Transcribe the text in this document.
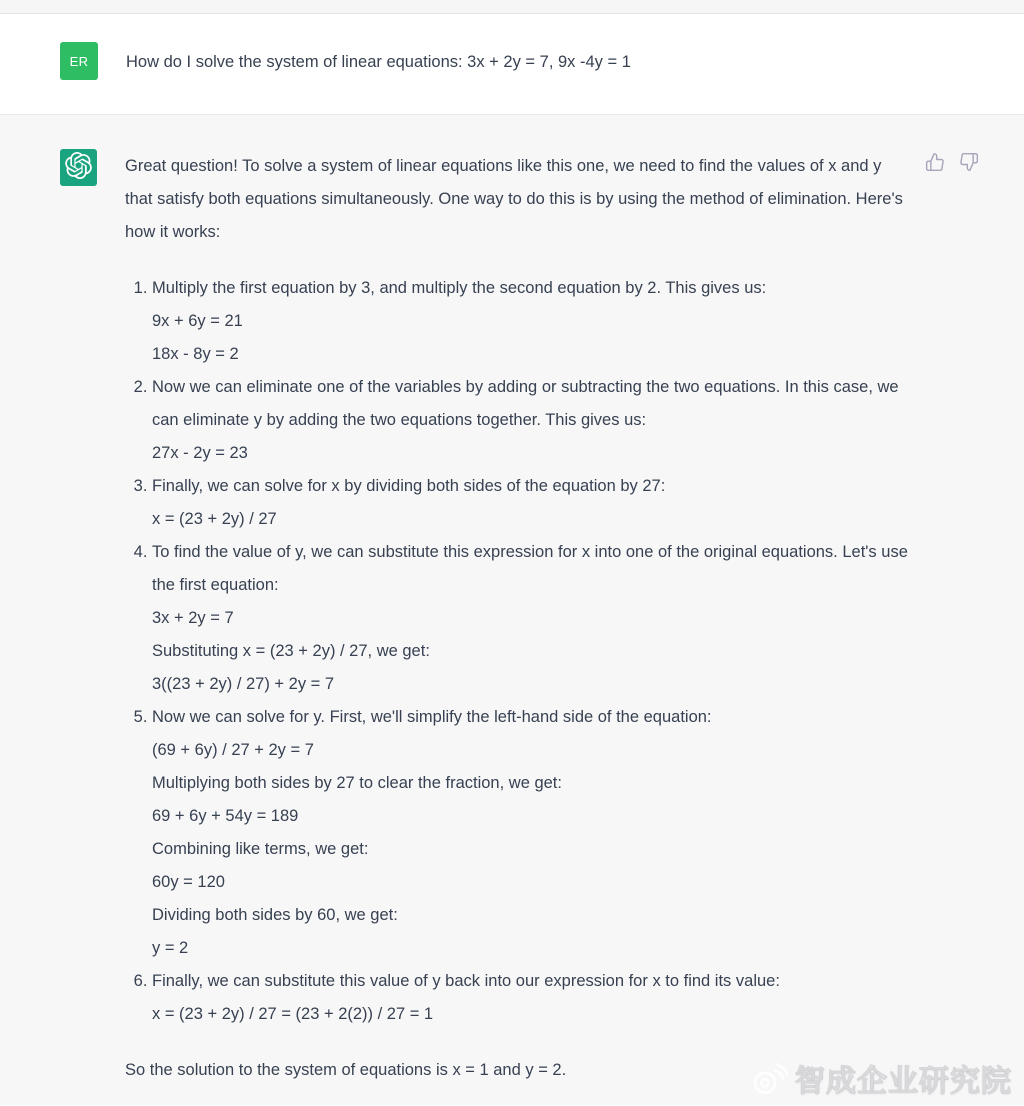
ER	How do I solve the system of linear equations: 3x + 2y = 7, 9x -4y = 1

Great question! To solve a system of linear equations like this one, we need to find the values of x and y that satisfy both equations simultaneously. One way to do this is by using the method of elimination. Here's how it works:

1. Multiply the first equation by 3, and multiply the second equation by 2. This gives us:

9x + 6y = 21

18x - 8y = 2

2. Now we can eliminate one of the variables by adding or subtracting the two equations. In this case, we can eliminate y by adding the two equations together. This gives us:

27x - 2y = 23

3. Finally, we can solve for x by dividing both sides of the equation by 27:

x = (23 + 2y) / 27

4. To find the value of y, we can substitute this expression for x into one of the original equations. Let's use the first equation:

3x + 2y = 7

Substituting x = (23 + 2y) / 27, we get:

3((23 + 2y) / 27) + 2y = 7

5. Now we can solve for y. First, we'll simplify the left-hand side of the equation:

(69 + 6y) / 27 + 2y = 7

Multiplying both sides by 27 to clear the fraction, we get:

69 + 6y + 54y = 189

Combining like terms, we get:

60y = 120

Dividing both sides by 60, we get:

y = 2

6. Finally, we can substitute this value of y back into our expression for x to find its value:

x = (23 + 2y) / 27 = (23 + 2(2)) / 27 = 1

So the solution to the system of equations is x = 1 and y = 2.	智成企业研究院
